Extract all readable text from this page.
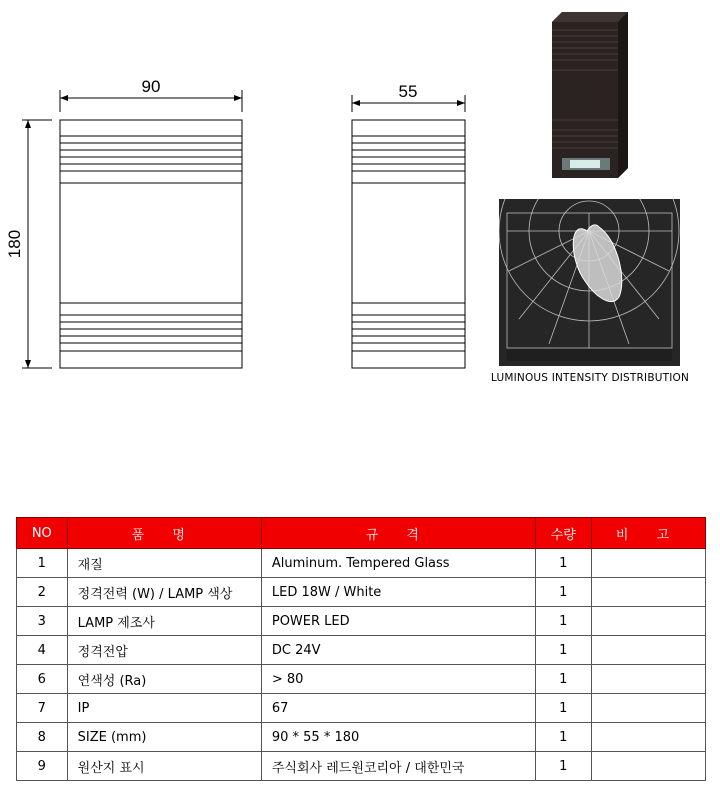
90	55
180
LUMINOUS INTENSITY DISTRIBUTION
NO	품 명	규 격	수량	비 고
1	재질	Aluminum. Tempered Glass	1	
2	정격전력 (W) / LAMP 색상	LED 18W / White	1	
3	LAMP 제조사	POWER LED	1	
4	정격전압	DC 24V	1	
6	연색성 (Ra)	> 80	1	
7	IP	67	1	
8	SIZE (mm)	90 * 55 * 180	1	
9	원산지 표시	주식회사 레드원코리아 / 대한민국	1	
